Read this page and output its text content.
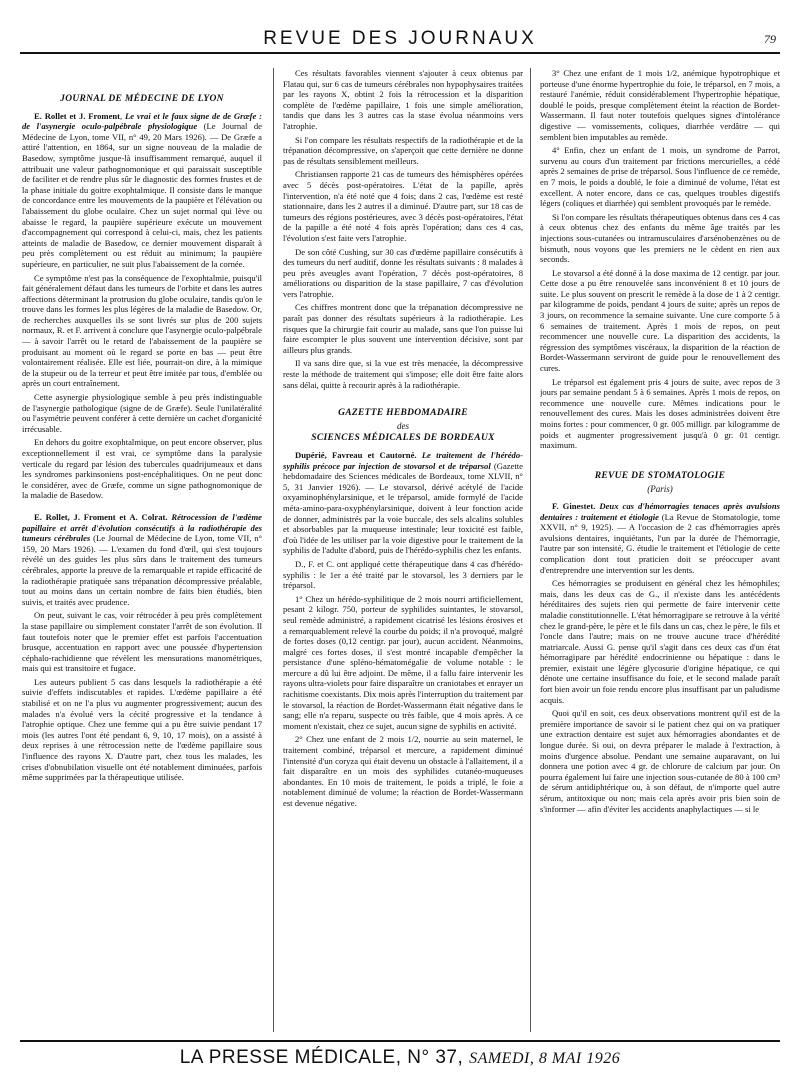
REVUE DES JOURNAUX	79
JOURNAL DE MÉDECINE DE LYON

E. Rollet et J. Froment, Le vrai et le faux signe de de Græfe : de l'asynergie oculo-palpébrale physiologique (Le Journal de Médecine de Lyon, tome VII, n° 49, 20 Mars 1926). — De Græfe a attiré l'attention, en 1864, sur un signe nouveau de la maladie de Basedow, symptôme jusque-là insuffisamment remarqué, auquel il attribuait une valeur pathognomonique et qui paraissait susceptible de faciliter et de rendre plus sûr le diagnostic des formes frustes et de la phase initiale du goitre exophtalmique. Il consiste dans le manque de concordance entre les mouvements de la paupière et l'élévation ou l'abaissement du globe oculaire. Chez un sujet normal qui lève ou abaisse le regard, la paupière supérieure exécute un mouvement d'accompagnement qui correspond à celui-ci, mais, chez les patients atteints de maladie de Basedow, ce dernier mouvement disparaît à peu près complètement ou est réduit au minimum; la paupière supérieure, en particulier, ne suit plus l'abaissement de la cornée.

Ce symptôme n'est pas la conséquence de l'exophtalmie, puisqu'il fait généralement défaut dans les tumeurs de l'orbite et dans les autres affections déterminant la protrusion du globe oculaire, tandis qu'on le trouve dans les formes les plus légères de la maladie de Basedow. Or, de recherches auxquelles ils se sont livrés sur plus de 200 sujets normaux, R. et F. arrivent à conclure que l'asynergie oculo-palpébrale — à savoir l'arrêt ou le retard de l'abaissement de la paupière se produisant au moment où le regard se porte en bas — peut être volontairement réalisée. Elle est liée, pourrait-on dire, à la mimique de la stupeur ou de la terreur et peut être imitée par tous, d'emblée ou après un court entraînement.

Cette asynergie physiologique semble à peu près indistinguable de l'asynergie pathologique (signe de de Græfe). Seule l'unilatéralité ou l'asymétrie peuvent conférer à cette dernière un cachet d'organicité irrécusable.

En dehors du goitre exophtalmique, on peut encore observer, plus exceptionnellement il est vrai, ce symptôme dans la paralysie verticale du regard par lésion des tubercules quadrijumeaux et dans les syndromes parkinsoniens post-encéphalitiques. On ne peut donc le considérer, avec de Græfe, comme un signe pathognomonique de la maladie de Basedow.

E. Rollet, J. Froment et A. Colrat. Rétrocession de l'œdème papillaire et arrêt d'évolution consécutifs à la radiothérapie des tumeurs cérébrales (Le Journal de Médecine de Lyon, tome VII, n° 159, 20 Mars 1926). — L'examen du fond d'œil, qui s'est toujours révélé un des guides les plus sûrs dans le traitement des tumeurs cérébrales, apporte la preuve de la remarquable et rapide efficacité de la radiothérapie pratiquée sans trépanation décompressive préalable, tout au moins dans un certain nombre de faits bien étudiés, bien suivis, et traités avec prudence.

On peut, suivant le cas, voir rétrocéder à peu près complètement la stase papillaire ou simplement constater l'arrêt de son évolution. Il faut toutefois noter que le premier effet est parfois l'accentuation brusque, accentuation en rapport avec une poussée d'hypertension céphalo-rachidienne que révèlent les mensurations manométriques, mais qui est transitoire et fugace.

Les auteurs publient 5 cas dans lesquels la radiothérapie a été suivie d'effets indiscutables et rapides. L'œdème papillaire a été stabilisé et on ne l'a plus vu augmenter progressivement; aucun des malades n'a évolué vers la cécité progressive et la tendance à l'atrophie optique. Chez une femme qui a pu être suivie pendant 17 mois (les autres l'ont été pendant 6, 9, 10, 17 mois), on a assisté à deux reprises à une rétrocession nette de l'œdème papillaire sous l'influence des rayons X. D'autre part, chez tous les malades, les crises d'obnubilation visuelle ont été notablement diminuées, parfois même supprimées par la thérapeutique utilisée.

Ces résultats favorables viennent s'ajouter à ceux obtenus par Flatau qui, sur 6 cas de tumeurs cérébrales non hypophysaires traitées par les rayons X, obtint 2 fois la rétrocession et la disparition complète de l'œdème papillaire, 1 fois une simple amélioration, tandis que dans les 3 autres cas la stase évolua néanmoins vers l'atrophie.

Si l'on compare les résultats respectifs de la radiothérapie et de la trépanation décompressive, on s'aperçoit que cette dernière ne donne pas de résultats sensiblement meilleurs.

Christiansen rapporte 21 cas de tumeurs des hémisphères opérées avec 5 décès post-opératoires. L'état de la papille, après l'intervention, n'a été noté que 4 fois; dans 2 cas, l'œdème est resté stationnaire, dans les 2 autres il a diminué. D'autre part, sur 18 cas de tumeurs des régions postérieures, avec 3 décès post-opératoires, l'état de la papille a été noté 4 fois après l'opération; dans ces 4 cas, l'évolution s'est faite vers l'atrophie.

De son côté Cushing, sur 30 cas d'œdème papillaire consécutifs à des tumeurs du nerf auditif, donne les résultats suivants : 8 malades à peu près aveugles avant l'opération, 7 décès post-opératoires, 8 améliorations ou disparition de la stase papillaire, 7 cas d'évolution vers l'atrophie.

Ces chiffres montrent donc que la trépanation décompressive ne paraît pas donner des résultats supérieurs à la radiothérapie. Les risques que la chirurgie fait courir au malade, sans que l'on puisse lui faire escompter le plus souvent une intervention décisive, sont par ailleurs plus grands.

Il va sans dire que, si la vue est très menacée, la décompressive reste la méthode de traitement qui s'impose; elle doit être faite alors sans délai, quitte à recourir après à la radiothérapie.

GAZETTE HEBDOMADAIRE
des
SCIENCES MÉDICALES DE BORDEAUX

Dupérié, Favreau et Cautorné. Le traitement de l'hérédo-syphilis précoce par injection de stovarsol et de tréparsol (Gazette hebdomadaire des Sciences médicales de Bordeaux, tome XLVII, n° 5, 31 Janvier 1926). — Le stovarsol, dérivé acétylé de l'acide oxyaminophénylarsinique, et le tréparsol, amide formylé de l'acide méta-amino-para-oxyphénylarsinique, doivent à leur fonction acide de donner, administrés par la voie buccale, des sels alcalins solubles et absorbables par la muqueuse intestinale; leur toxicité est faible, d'où l'idée de les utiliser par la voie digestive pour le traitement de la syphilis de l'adulte d'abord, puis de l'hérédo-syphilis chez les enfants.

D., F. et C. ont appliqué cette thérapeutique dans 4 cas d'hérédo-syphilis : le 1er a été traité par le stovarsol, les 3 derniers par le tréparsol.

1° Chez un hérédo-syphilitique de 2 mois nourri artificiellement, pesant 2 kilogr. 750, porteur de syphilides suintantes, le stovarsol, seul remède administré, a rapidement cicatrisé les lésions érosives et a remarquablement relevé la courbe du poids; il n'a provoqué, malgré de fortes doses (0,12 centigr. par jour), aucun accident. Néanmoins, malgré ces fortes doses, il s'est montré incapable d'empêcher la persistance d'une spléno-hématomégalie de volume notable : le mercure a dû lui être adjoint. De même, il a fallu faire intervenir les rayons ultra-violets pour faire disparaître un craniotabes et enrayer un rachitisme coexistants. Dix mois après l'interruption du traitement par le stovarsol, la réaction de Bordet-Wassermann était négative dans le sang; elle n'a reparu, suspecte ou très faible, que 4 mois après. A ce moment n'existait, chez ce sujet, aucun signe de syphilis en activité.

2° Chez une enfant de 2 mois 1/2, nourrie au sein maternel, le traitement combiné, tréparsol et mercure, a rapidement diminué l'intensité d'un coryza qui était devenu un obstacle à l'allaitement, il a fait disparaître en un mois des syphilides cutanéo-muqueuses abondantes. En 10 mois de traitement, le poids a triplé, le foie a notablement diminué de volume; la réaction de Bordet-Wassermann est devenue négative.

3° Chez une enfant de 1 mois 1/2, anémique hypotrophique et porteuse d'une énorme hypertrophie du foie, le tréparsol, en 7 mois, a restauré l'anémie, réduit considérablement l'hypertrophie hépatique, doublé le poids, presque complètement éteint la réaction de Bordet-Wassermann. Il faut noter toutefois quelques signes d'intolérance digestive — vomissements, coliques, diarrhée verdâtre — qui semblent bien imputables au remède.

4° Enfin, chez un enfant de 1 mois, un syndrome de Parrot, survenu au cours d'un traitement par frictions mercurielles, a cédé après 2 semaines de prise de tréparsol. Sous l'influence de ce remède, en 7 mois, le poids a doublé, le foie a diminué de volume, l'état est excellent. A noter encore, dans ce cas, quelques troubles digestifs légers (coliques et diarrhée) qui semblent provoqués par le remède.

Si l'on compare les résultats thérapeutiques obtenus dans ces 4 cas à ceux obtenus chez des enfants du même âge traités par les injections sous-cutanées ou intramusculaires d'arsénobenzènes ou de bismuth, nous voyons que les premiers ne le cèdent en rien aux seconds.

Le stovarsol a été donné à la dose maxima de 12 centigr. par jour. Cette dose a pu être renouvelée sans inconvénient 8 et 10 jours de suite. Le plus souvent on prescrit le remède à la dose de 1 à 2 centigr. par kilogramme de poids, pendant 4 jours de suite; après un repos de 3 jours, on recommence la semaine suivante. Une cure comporte 5 à 6 semaines de traitement. Après 1 mois de repos, on peut recommencer une nouvelle cure. La disparition des accidents, la régression des symptômes viscéraux, la disparition de la réaction de Bordet-Wassermann serviront de guide pour le renouvellement des cures.

Le tréparsol est également pris 4 jours de suite, avec repos de 3 jours par semaine pendant 5 à 6 semaines. Après 1 mois de repos, on recommence une nouvelle cure. Mêmes indications pour le renouvellement des cures. Mais les doses administrées doivent être moins fortes : pour commencer, 0 gr. 005 milligr. par kilogramme de poids et augmenter progressivement jusqu'à 0 gr. 01 centigr. maximum.

REVUE DE STOMATOLOGIE
(Paris)

F. Ginestet. Deux cas d'hémorragies tenaces après avulsions dentaires : traitement et étiologie (La Revue de Stomatologie, tome XXVII, n° 9, 1925). — A l'occasion de 2 cas d'hémorragies après avulsions dentaires, inquiétants, l'un par la durée de l'hémorragie, l'autre par son intensité, G. étudie le traitement et l'étiologie de cette complication dont tout praticien doit se préoccuper avant d'entreprendre une intervention sur les dents.

Ces hémorragies se produisent en général chez les hémophiles; mais, dans les deux cas de G., il n'existe dans les antécédents héréditaires des sujets rien qui permette de faire intervenir cette maladie constitutionnelle. L'état hémorragipare se retrouve à la vérité chez le grand-père, le père et le fils dans un cas, chez le père, le fils et l'oncle dans l'autre; mais on ne trouve aucune trace d'hérédité matriarcale. Aussi G. pense qu'il s'agit dans ces deux cas d'un état hémorragipare par hérédité endocrinienne ou hépatique : dans le premier, existait une légère glycosurie d'origine hépatique, ce qui dénote une certaine insuffisance du foie, et le second malade paraît fort bien avoir un foie rendu encore plus insuffisant par un paludisme acquis.

Quoi qu'il en soit, ces deux observations montrent qu'il est de la première importance de savoir si le patient chez qui on va pratiquer une extraction dentaire est sujet aux hémorragies abondantes et de longue durée. Si oui, on devra préparer le malade à l'extraction, à moins d'urgence absolue. Pendant une semaine auparavant, on lui donnera une potion avec 4 gr. de chlorure de calcium par jour. On pourra également lui faire une injection sous-cutanée de 80 à 100 cm³ de sérum antidiphtérique ou, à son défaut, de n'importe quel autre sérum, antitoxique ou non; mais cela après avoir pris bien soin de s'informer — afin d'éviter les accidents anaphylactiques — si le

LA PRESSE MÉDICALE, N° 37, SAMEDI, 8 MAI 1926
